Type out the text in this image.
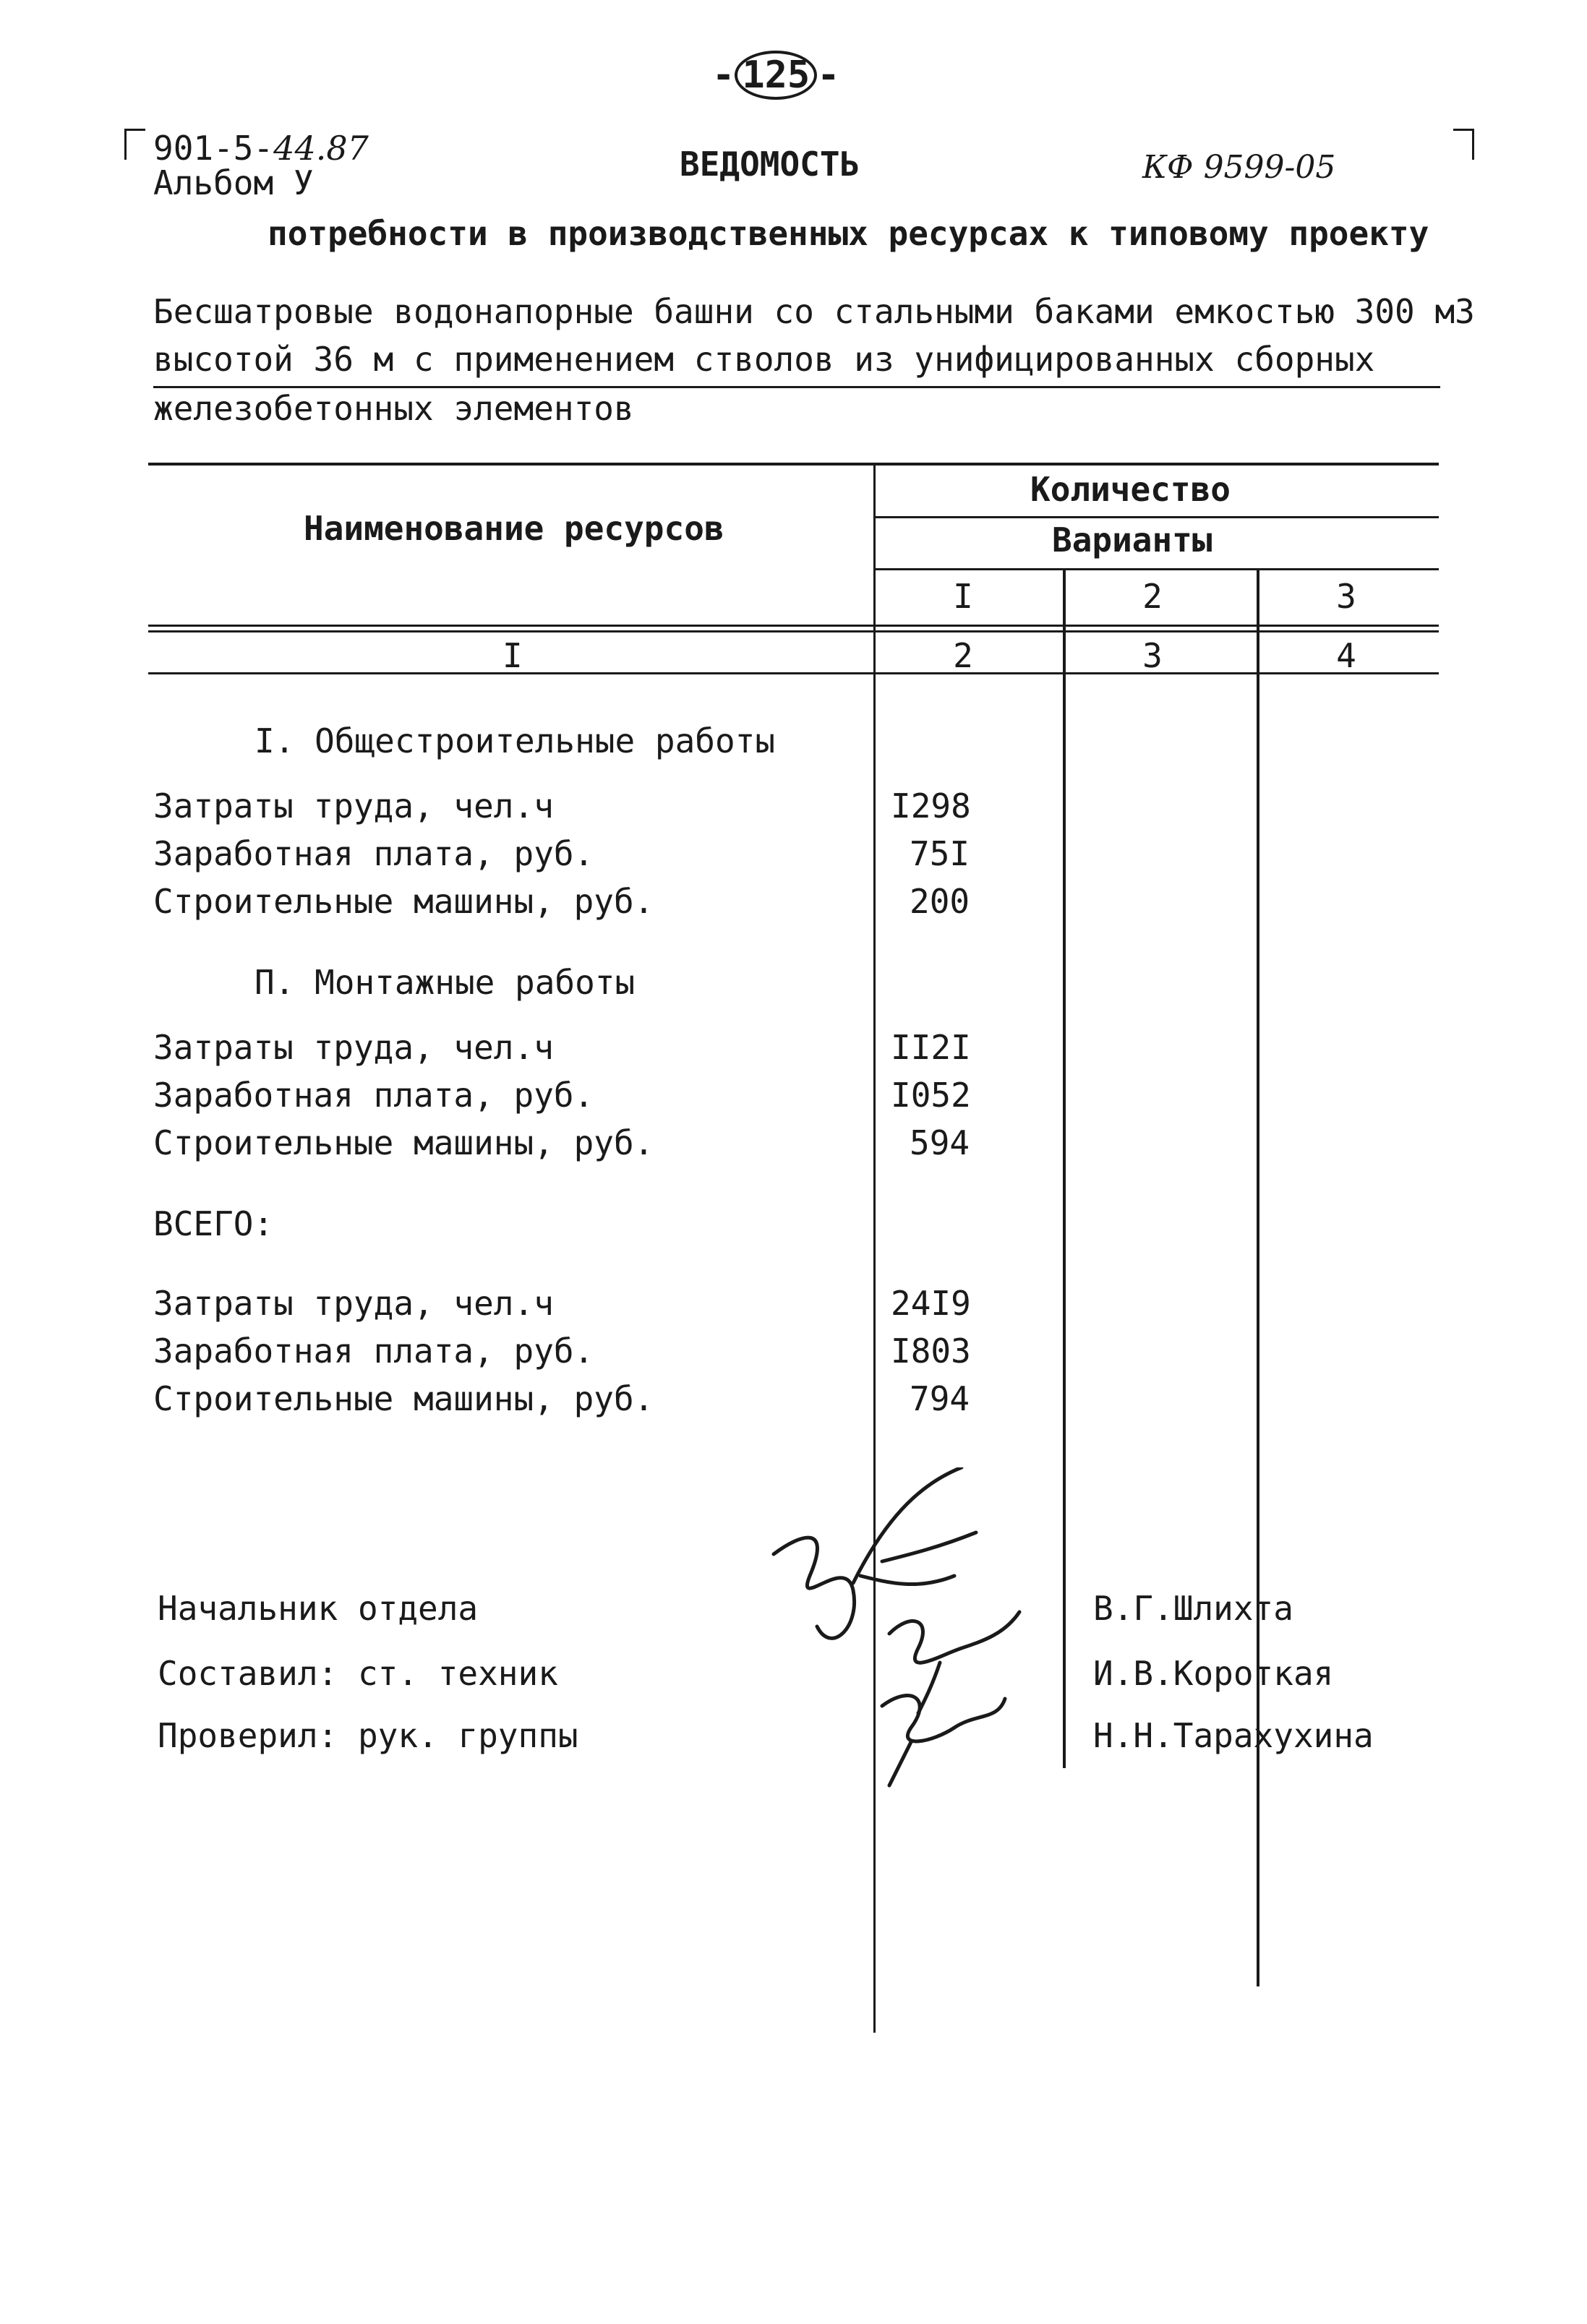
- 125 -
901-5-44.87
Альбом У	ВЕДОМОСТЬ	КФ 9599-05
потребности в производственных ресурсах к типовому проекту
Бесшатровые водонапорные башни со стальными баками емкостью 300 м3
высотой 36 м с применением стволов из унифицированных сборных
железобетонных элементов
Наименование ресурсов
Количество
Варианты
I	2	3
I	2	3	4
I. Общестроительные работы
Затраты труда, чел.ч	I298
Заработная плата, руб.	75I
Строительные машины, руб.	200
П. Монтажные работы
Затраты труда, чел.ч	II2I
Заработная плата, руб.	I052
Строительные машины, руб.	594
ВСЕГО:
Затраты труда, чел.ч	24I9
Заработная плата, руб.	I803
Строительные машины, руб.	794
Начальник отдела	В.Г.Шлихта
Составил: ст. техник	И.В.Короткая
Проверил: рук. группы	Н.Н.Тарахухина
